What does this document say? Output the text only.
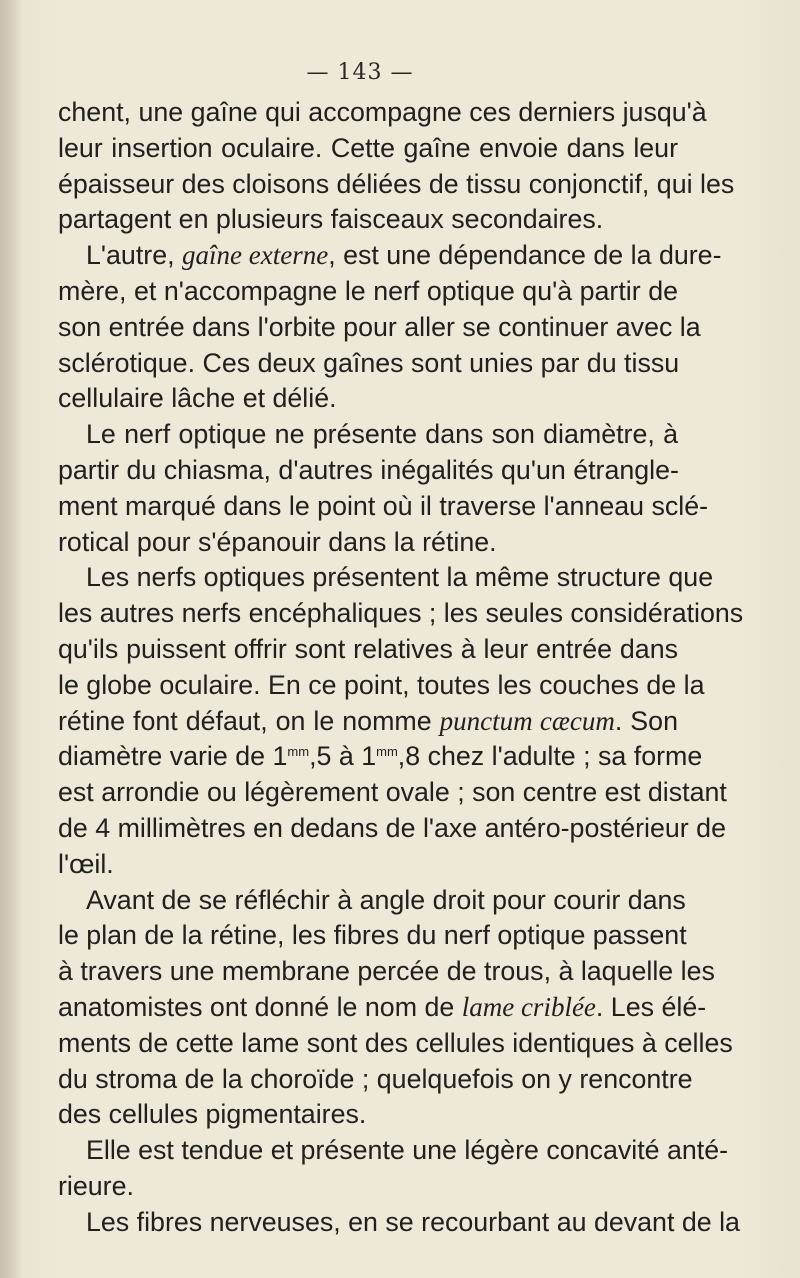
— 143 —
chent, une gaîne qui accompagne ces derniers jusqu'à
leur insertion oculaire. Cette gaîne envoie dans leur
épaisseur des cloisons déliées de tissu conjonctif, qui les
partagent en plusieurs faisceaux secondaires.
L'autre, gaîne externe, est une dépendance de la dure-
mère, et n'accompagne le nerf optique qu'à partir de
son entrée dans l'orbite pour aller se continuer avec la
sclérotique. Ces deux gaînes sont unies par du tissu
cellulaire lâche et délié.
Le nerf optique ne présente dans son diamètre, à
partir du chiasma, d'autres inégalités qu'un étrangle-
ment marqué dans le point où il traverse l'anneau sclé-
rotical pour s'épanouir dans la rétine.
Les nerfs optiques présentent la même structure que
les autres nerfs encéphaliques ; les seules considérations
qu'ils puissent offrir sont relatives à leur entrée dans
le globe oculaire. En ce point, toutes les couches de la
rétine font défaut, on le nomme punctum cæcum. Son
diamètre varie de $1^{mm},5$ à $1^{mm},8$ chez l'adulte ; sa forme
est arrondie ou légèrement ovale ; son centre est distant
de 4 millimètres en dedans de l'axe antéro-postérieur de
l'œil.
Avant de se réfléchir à angle droit pour courir dans
le plan de la rétine, les fibres du nerf optique passent
à travers une membrane percée de trous, à laquelle les
anatomistes ont donné le nom de lame criblée. Les élé-
ments de cette lame sont des cellules identiques à celles
du stroma de la choroïde ; quelquefois on y rencontre
des cellules pigmentaires.
Elle est tendue et présente une légère concavité anté-
rieure.
Les fibres nerveuses, en se recourbant au devant de la
